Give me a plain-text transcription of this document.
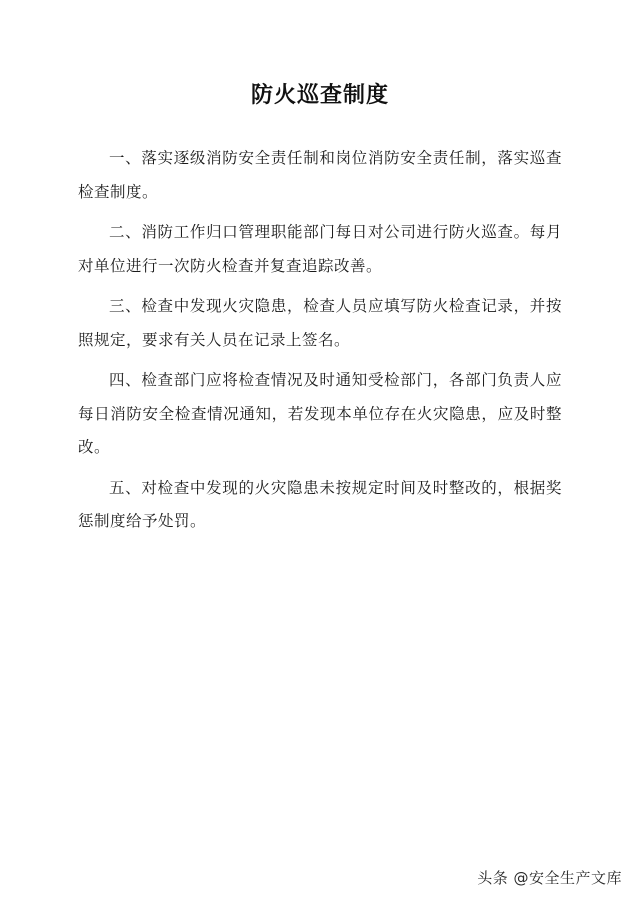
防火巡查制度

一、落实逐级消防安全责任制和岗位消防安全责任制，落实巡查检查制度。

二、消防工作归口管理职能部门每日对公司进行防火巡查。每月对单位进行一次防火检查并复查追踪改善。

三、检查中发现火灾隐患，检查人员应填写防火检查记录，并按照规定，要求有关人员在记录上签名。

四、检查部门应将检查情况及时通知受检部门，各部门负责人应每日消防安全检查情况通知，若发现本单位存在火灾隐患，应及时整改。

五、对检查中发现的火灾隐患未按规定时间及时整改的，根据奖惩制度给予处罚。

头条 @安全生产文库
